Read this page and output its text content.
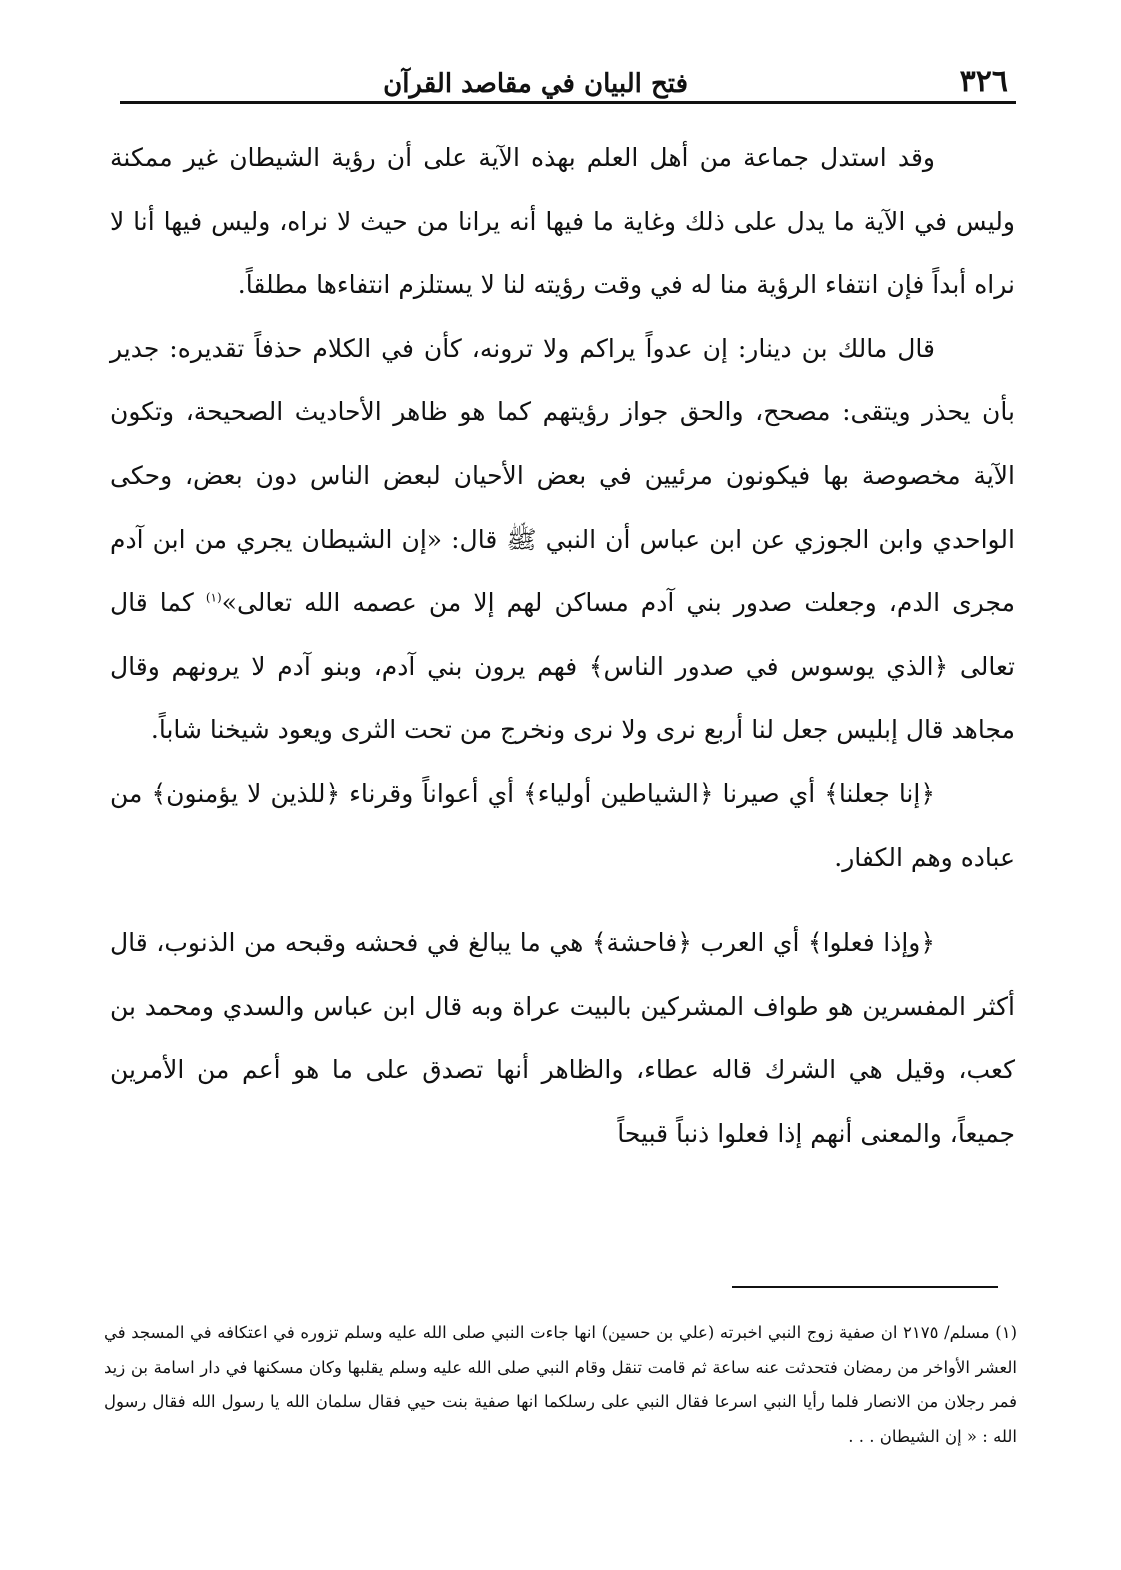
٣٢٦
فتح البيان في مقاصد القرآن

وقد استدل جماعة من أهل العلم بهذه الآية على أن رؤية الشيطان غير ممكنة وليس في الآية ما يدل على ذلك وغاية ما فيها أنه يرانا من حيث لا نراه، وليس فيها أنا لا نراه أبداً فإن انتفاء الرؤية منا له في وقت رؤيته لنا لا يستلزم انتفاءها مطلقاً.

قال مالك بن دينار: إن عدواً يراكم ولا ترونه، كأن في الكلام حذفاً تقديره: جدير بأن يحذر ويتقى: مصحح، والحق جواز رؤيتهم كما هو ظاهر الأحاديث الصحيحة، وتكون الآية مخصوصة بها فيكونون مرئيين في بعض الأحيان لبعض الناس دون بعض، وحكى الواحدي وابن الجوزي عن ابن عباس أن النبي ﷺ قال: «إن الشيطان يجري من ابن آدم مجرى الدم، وجعلت صدور بني آدم مساكن لهم إلا من عصمه الله تعالى»$^{(١)}$ كما قال تعالى ﴿الذي يوسوس في صدور الناس﴾ فهم يرون بني آدم، وبنو آدم لا يرونهم وقال مجاهد قال إبليس جعل لنا أربع نرى ولا نرى ونخرج من تحت الثرى ويعود شيخنا شاباً.

﴿إنا جعلنا﴾ أي صيرنا ﴿الشياطين أولياء﴾ أي أعواناً وقرناء ﴿للذين لا يؤمنون﴾ من عباده وهم الكفار.

﴿وإذا فعلوا﴾ أي العرب ﴿فاحشة﴾ هي ما يبالغ في فحشه وقبحه من الذنوب، قال أكثر المفسرين هو طواف المشركين بالبيت عراة وبه قال ابن عباس والسدي ومحمد بن كعب، وقيل هي الشرك قاله عطاء، والظاهر أنها تصدق على ما هو أعم من الأمرين جميعاً، والمعنى أنهم إذا فعلوا ذنباً قبيحاً

(١) مسلم/ ٢١٧٥ ان صفية زوج النبي اخبرته (علي بن حسين) انها جاءت النبي صلى الله عليه وسلم تزوره في اعتكافه في المسجد في العشر الأواخر من رمضان فتحدثت عنه ساعة ثم قامت تنقل وقام النبي صلى الله عليه وسلم يقلبها وكان مسكنها في دار اسامة بن زيد فمر رجلان من الانصار فلما رأيا النبي اسرعا فقال النبي على رسلكما انها صفية بنت حيي فقال سلمان الله يا رسول الله فقال رسول الله : « إن الشيطان . . .
